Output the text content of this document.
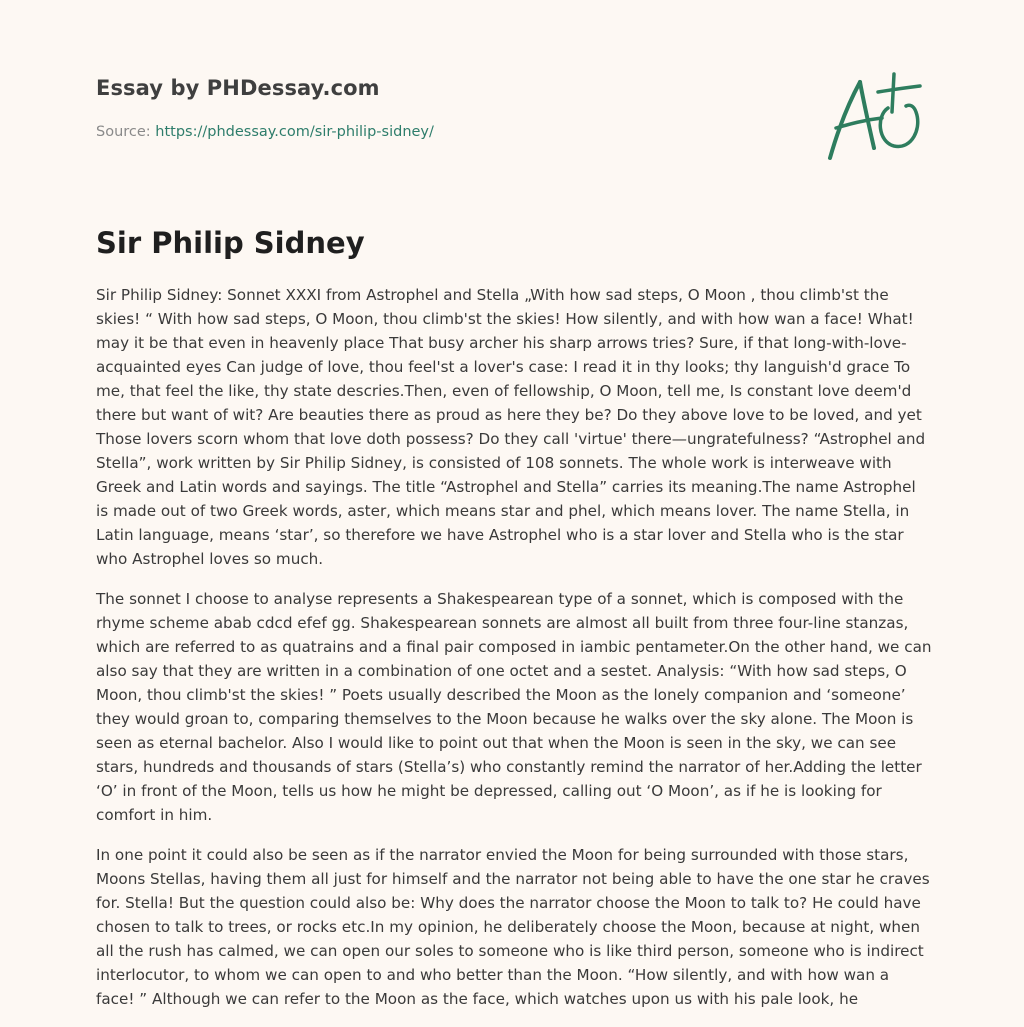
Essay by PHDessay.com
Source: https://phdessay.com/sir-philip-sidney/
Sir Philip Sidney

Sir Philip Sidney: Sonnet XXXI from Astrophel and Stella „With how sad steps, O Moon , thou climb'st the skies! “ With how sad steps, O Moon, thou climb'st the skies! How silently, and with how wan a face! What! may it be that even in heavenly place That busy archer his sharp arrows tries? Sure, if that long-with-love-acquainted eyes Can judge of love, thou feel'st a lover's case: I read it in thy looks; thy languish'd grace To me, that feel the like, thy state descries.Then, even of fellowship, O Moon, tell me, Is constant love deem'd there but want of wit? Are beauties there as proud as here they be? Do they above love to be loved, and yet Those lovers scorn whom that love doth possess? Do they call 'virtue' there—ungratefulness? “Astrophel and Stella”, work written by Sir Philip Sidney, is consisted of 108 sonnets. The whole work is interweave with Greek and Latin words and sayings. The title “Astrophel and Stella” carries its meaning.The name Astrophel is made out of two Greek words, aster, which means star and phel, which means lover. The name Stella, in Latin language, means ‘star’, so therefore we have Astrophel who is a star lover and Stella who is the star who Astrophel loves so much.

The sonnet I choose to analyse represents a Shakespearean type of a sonnet, which is composed with the rhyme scheme abab cdcd efef gg. Shakespearean sonnets are almost all built from three four-line stanzas, which are referred to as quatrains and a final pair composed in iambic pentameter.On the other hand, we can also say that they are written in a combination of one octet and a sestet. Analysis: “With how sad steps, O Moon, thou climb'st the skies! ” Poets usually described the Moon as the lonely companion and ‘someone’ they would groan to, comparing themselves to the Moon because he walks over the sky alone. The Moon is seen as eternal bachelor. Also I would like to point out that when the Moon is seen in the sky, we can see stars, hundreds and thousands of stars (Stella’s) who constantly remind the narrator of her.Adding the letter ‘O’ in front of the Moon, tells us how he might be depressed, calling out ‘O Moon’, as if he is looking for comfort in him.

In one point it could also be seen as if the narrator envied the Moon for being surrounded with those stars, Moons Stellas, having them all just for himself and the narrator not being able to have the one star he craves for. Stella! But the question could also be: Why does the narrator choose the Moon to talk to? He could have chosen to talk to trees, or rocks etc.In my opinion, he deliberately choose the Moon, because at night, when all the rush has calmed, we can open our soles to someone who is like third person, someone who is indirect interlocutor, to whom we can open to and who better than the Moon. “How silently, and with how wan a face! ” Although we can refer to the Moon as the face, which watches upon us with his pale look, he
